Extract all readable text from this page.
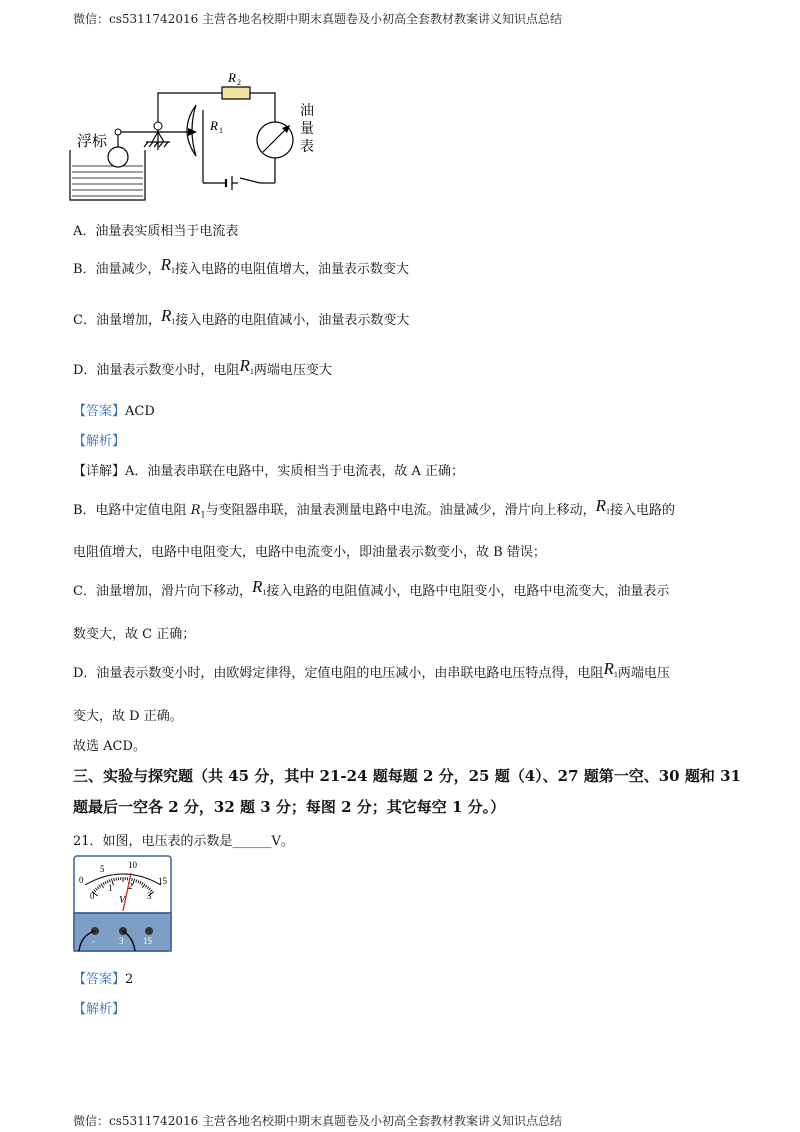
微信：cs5311742016 主营各地名校期中期末真题卷及小初高全套教材教案讲义知识点总结
R 2
R 1
浮标
油
量
表
A．油量表实质相当于电流表
B．油量减少，R1接入电路的电阻值增大，油量表示数变大
C．油量增加，R1接入电路的电阻值减小，油量表示数变大
D．油量表示数变小时，电阻R1两端电压变大
【答案】ACD
【解析】
【详解】A．油量表串联在电路中，实质相当于电流表，故 A 正确；
B．电路中定值电阻 $R_1$与变阻器串联，油量表测量电路中电流。油量减少，滑片向上移动，R1接入电路的
电阻值增大，电路中电阻变大，电路中电流变小，即油量表示数变小，故 B 错误；
C．油量增加，滑片向下移动，R1接入电路的电阻值减小，电路中电阻变小，电路中电流变大，油量表示
数变大，故 C 正确；
D．油量表示数变小时，由欧姆定律得，定值电阻的电压减小，由串联电路电压特点得，电阻R1两端电压
变大，故 D 正确。
故选 ACD。
三、实验与探究题（共 45 分，其中 21-24 题每题 2 分，25 题（4）、27 题第一空、30 题和 31
题最后一空各 2 分，32 题 3 分；每图 2 分；其它每空 1 分。）
21．如图，电压表的示数是______V。
0
5	10
15
0
1 2
3
V
-	3 15
【答案】2
【解析】
微信：cs5311742016 主营各地名校期中期末真题卷及小初高全套教材教案讲义知识点总结
